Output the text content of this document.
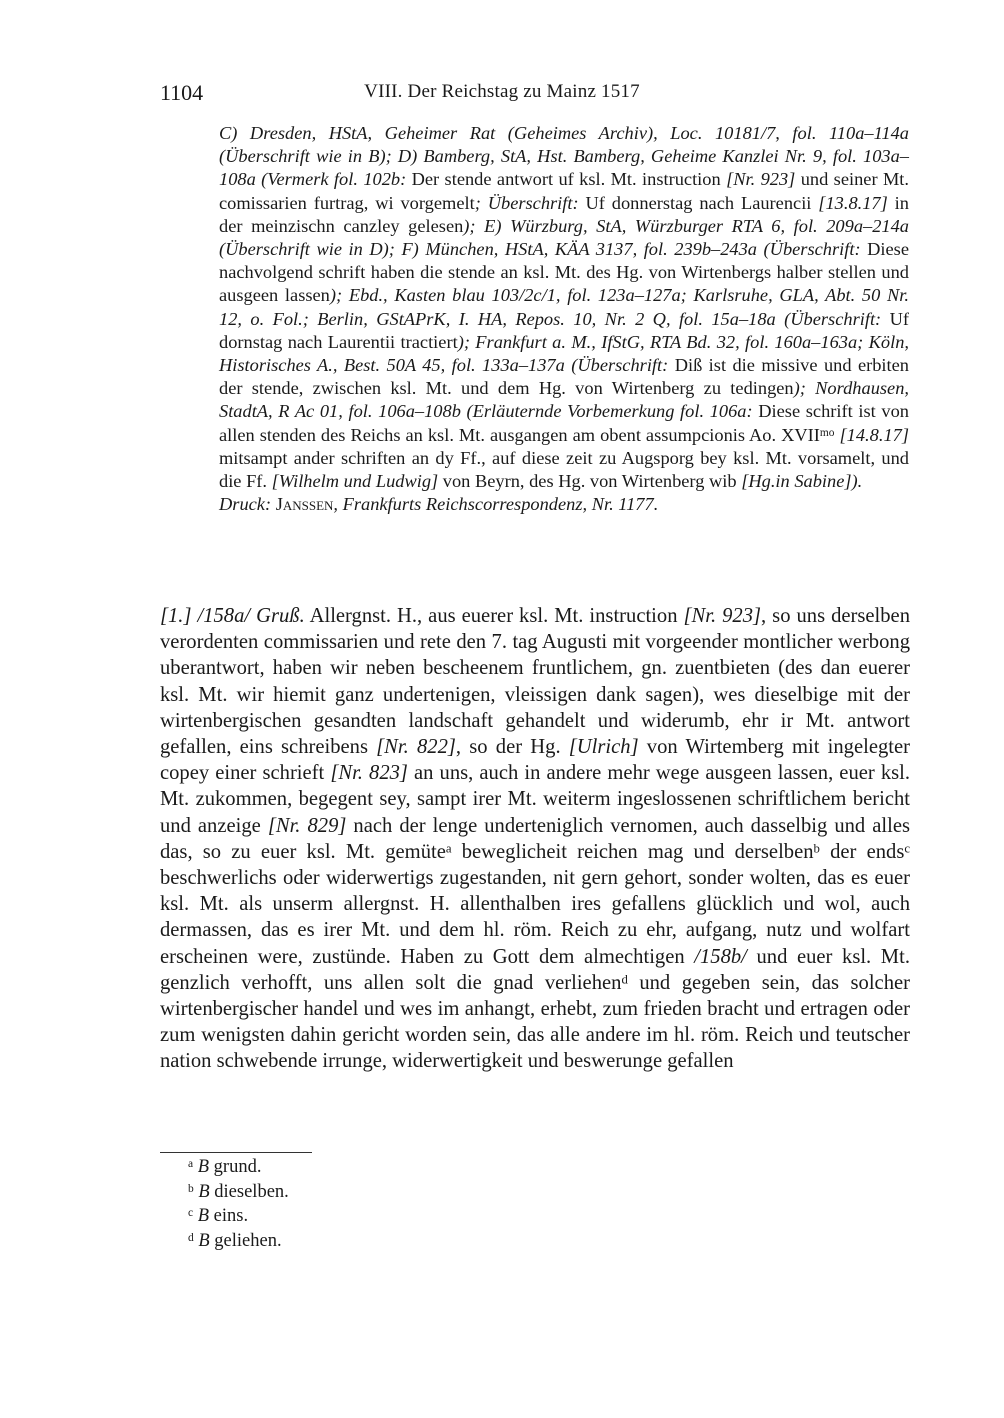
1104	VIII. Der Reichstag zu Mainz 1517

C) Dresden, HStA, Geheimer Rat (Geheimes Archiv), Loc. 10181/7, fol. 110a–114a (Überschrift wie in B); D) Bamberg, StA, Hst. Bamberg, Geheime Kanzlei Nr. 9, fol. 103a–108a (Vermerk fol. 102b: Der stende antwort uf ksl. Mt. instruction [Nr. 923] und seiner Mt. comissarien furtrag, wi vorgemelt; Überschrift: Uf donnerstag nach Laurencii [13.8.17] in der meinzischn canzley gelesen); E) Würzburg, StA, Würzburger RTA 6, fol. 209a–214a (Überschrift wie in D); F) München, HStA, KÄA 3137, fol. 239b–243a (Überschrift: Diese nachvolgend schrift haben die stende an ksl. Mt. des Hg. von Wirtenbergs halber stellen und ausgeen lassen); Ebd., Kasten blau 103/2c/1, fol. 123a–127a; Karlsruhe, GLA, Abt. 50 Nr. 12, o. Fol.; Berlin, GStAPrK, I. HA, Repos. 10, Nr. 2 Q, fol. 15a–18a (Überschrift: Uf dornstag nach Laurentii tractiert); Frankfurt a. M., IfStG, RTA Bd. 32, fol. 160a–163a; Köln, Historisches A., Best. 50A 45, fol. 133a–137a (Überschrift: Diß ist die missive und erbiten der stende, zwischen ksl. Mt. und dem Hg. von Wirtenberg zu tedingen); Nordhausen, StadtA, R Ac 01, fol. 106a–108b (Erläuternde Vorbemerkung fol. 106a: Diese schrift ist von allen stenden des Reichs an ksl. Mt. ausgangen am obent assumpcionis Ao. $XVII^{mo}$ [14.8.17] mitsampt ander schriften an dy Ff., auf diese zeit zu Augsporg bey ksl. Mt. vorsamelt, und die Ff. [Wilhelm und Ludwig] von Beyrn, des Hg. von Wirtenberg wib [Hg.in Sabine]).

Druck: Janssen, Frankfurts Reichscorrespondenz, Nr. 1177.

[1.] /158a/ Gruß. Allergnst. H., aus euerer ksl. Mt. instruction [Nr. 923], so uns derselben verordenten commissarien und rete den 7. tag Augusti mit vorgeender montlicher werbong uberantwort, haben wir neben bescheenem fruntlichem, gn. zuentbieten (des dan euerer ksl. Mt. wir hiemit ganz undertenigen, vleissigen dank sagen), wes dieselbige mit der wirtenbergischen gesandten landschaft gehandelt und widerumb, ehr ir Mt. antwort gefallen, eins schreibens [Nr. 822], so der Hg. [Ulrich] von Wirtemberg mit ingelegter copey einer schrieft [Nr. 823] an uns, auch in andere mehr wege ausgeen lassen, euer ksl. Mt. zukommen, begegent sey, sampt irer Mt. weiterm ingeslossenen schriftlichem bericht und anzeige [Nr. 829] nach der lenge underteniglich vernomen, auch dasselbig und alles das, so zu euer ksl. Mt. gemüte$^a$ beweglicheit reichen mag und derselben$^b$ der ends$^c$ beschwerlichs oder widerwertigs zugestanden, nit gern gehort, sonder wolten, das es euer ksl. Mt. als unserm allergnst. H. allenthalben ires gefallens glücklich und wol, auch dermassen, das es irer Mt. und dem hl. röm. Reich zu ehr, aufgang, nutz und wolfart erscheinen were, zustünde. Haben zu Gott dem almechtigen /158b/ und euer ksl. Mt. genzlich verhofft, uns allen solt die gnad verliehen$^d$ und gegeben sein, das solcher wirtenbergischer handel und wes im anhangt, erhebt, zum frieden bracht und ertragen oder zum wenigsten dahin gericht worden sein, das alle andere im hl. röm. Reich und teutscher nation schwebende irrunge, widerwertigkeit und beswerunge gefallen

$^a$ B grund.
$^b$ B dieselben.
$^c$ B eins.
$^d$ B geliehen.
